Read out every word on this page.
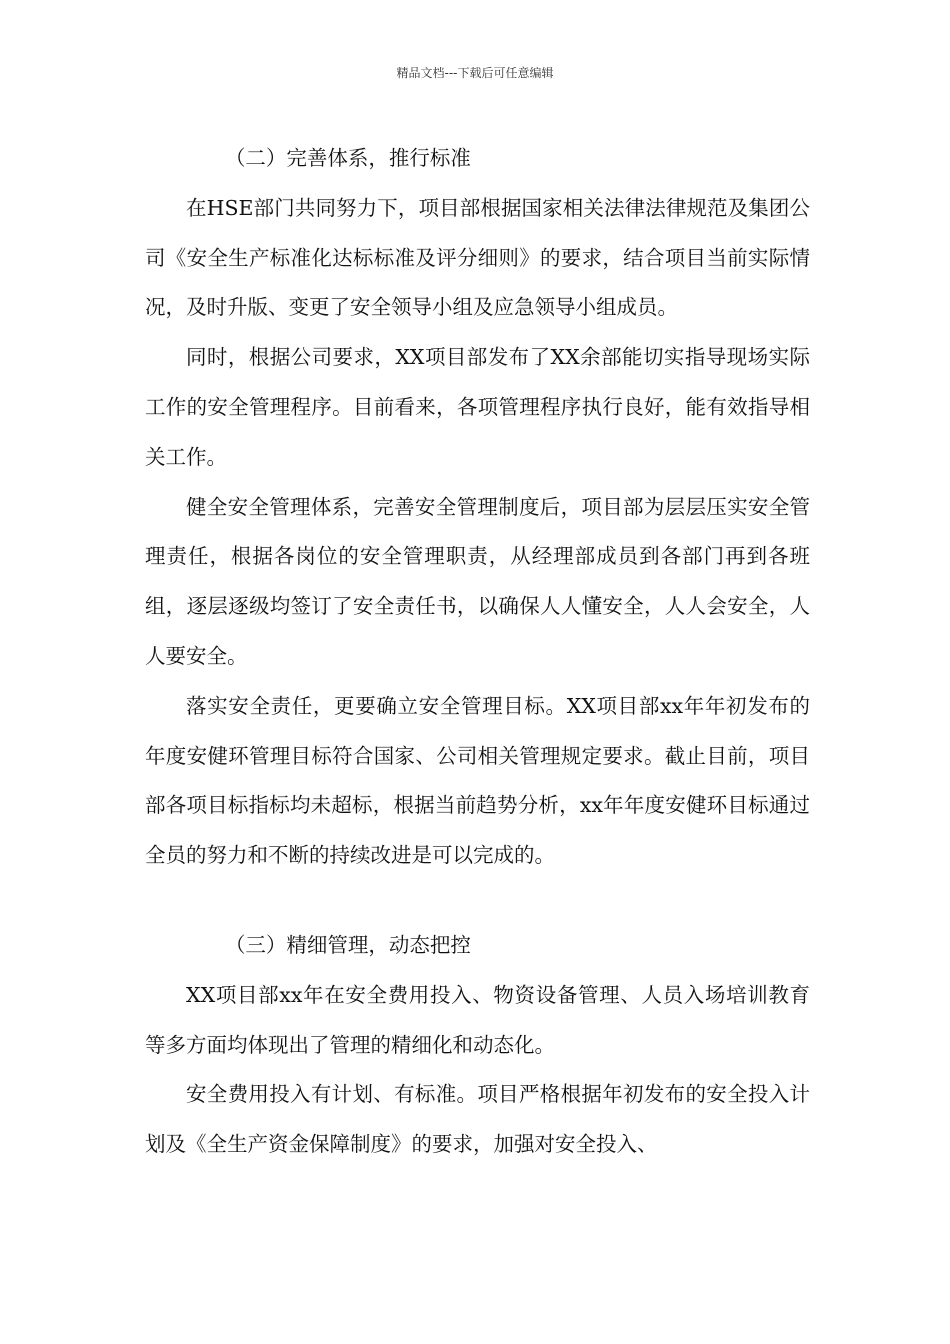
精品文档---下载后可任意编辑

（二）完善体系，推行标准

在HSE部门共同努力下，项目部根据国家相关法律法律规范及集团公司《安全生产标准化达标标准及评分细则》的要求，结合项目当前实际情况，及时升版、变更了安全领导小组及应急领导小组成员。

同时，根据公司要求，XX项目部发布了XX余部能切实指导现场实际工作的安全管理程序。目前看来，各项管理程序执行良好，能有效指导相关工作。

健全安全管理体系，完善安全管理制度后，项目部为层层压实安全管理责任，根据各岗位的安全管理职责，从经理部成员到各部门再到各班组，逐层逐级均签订了安全责任书，以确保人人懂安全，人人会安全，人人要安全。

落实安全责任，更要确立安全管理目标。XX项目部xx年年初发布的年度安健环管理目标符合国家、公司相关管理规定要求。截止目前，项目部各项目标指标均未超标，根据当前趋势分析，xx年年度安健环目标通过全员的努力和不断的持续改进是可以完成的。

（三）精细管理，动态把控

XX项目部xx年在安全费用投入、物资设备管理、人员入场培训教育等多方面均体现出了管理的精细化和动态化。

安全费用投入有计划、有标准。项目严格根据年初发布的安全投入计划及《全生产资金保障制度》的要求，加强对安全投入、
